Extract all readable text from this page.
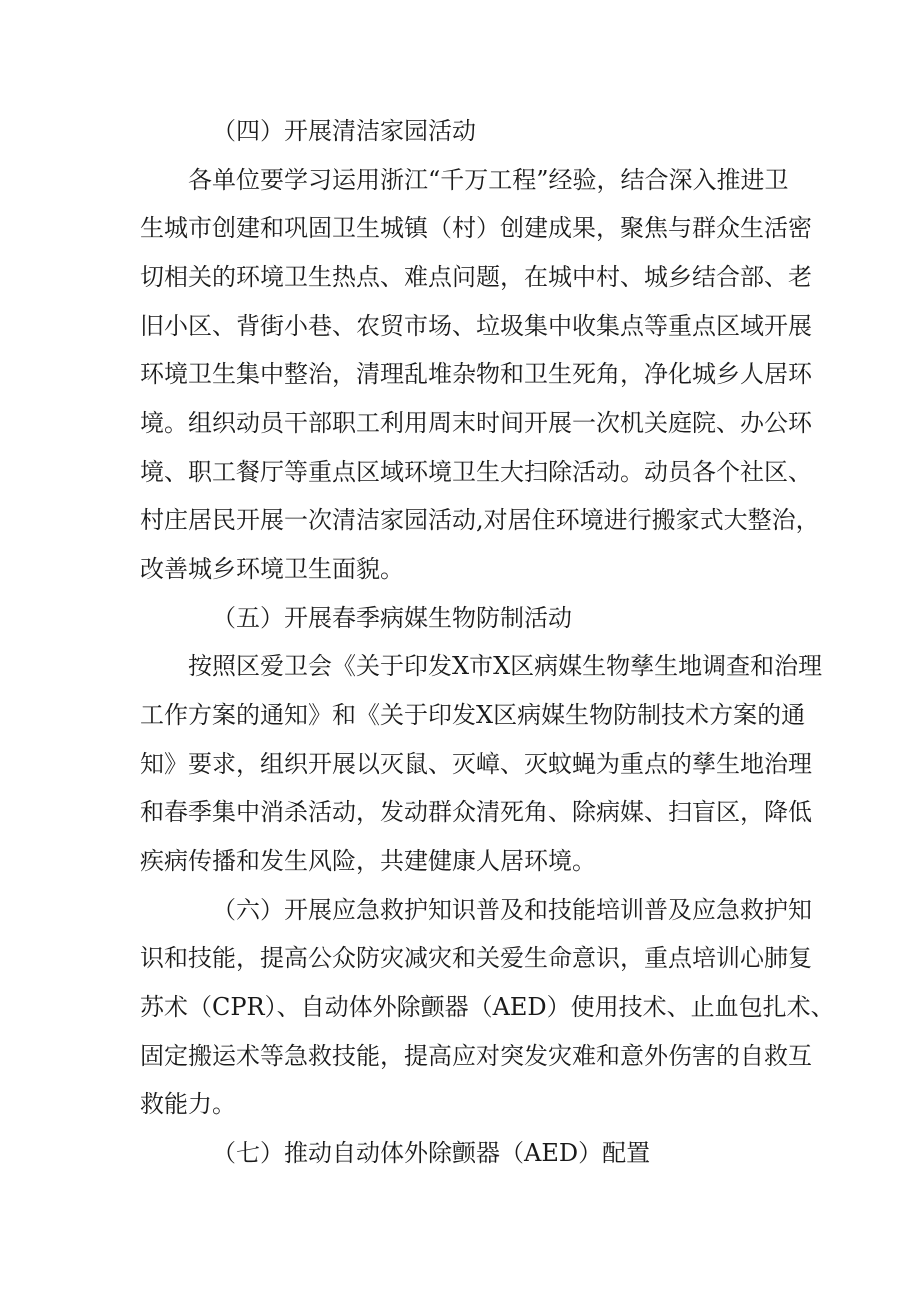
（四）开展清洁家园活动
各单位要学习运用浙江“千万工程”经验，结合深入推进卫
生城市创建和巩固卫生城镇（村）创建成果，聚焦与群众生活密
切相关的环境卫生热点、难点问题，在城中村、城乡结合部、老
旧小区、背街小巷、农贸市场、垃圾集中收集点等重点区域开展
环境卫生集中整治，清理乱堆杂物和卫生死角，净化城乡人居环
境。组织动员干部职工利用周末时间开展一次机关庭院、办公环
境、职工餐厅等重点区域环境卫生大扫除活动。动员各个社区、
村庄居民开展一次清洁家园活动,对居住环境进行搬家式大整治，
改善城乡环境卫生面貌。
（五）开展春季病媒生物防制活动
按照区爱卫会《关于印发X市X区病媒生物孳生地调查和治理
工作方案的通知》和《关于印发X区病媒生物防制技术方案的通
知》要求，组织开展以灭鼠、灭嶂、灭蚊蝇为重点的孳生地治理
和春季集中消杀活动，发动群众清死角、除病媒、扫盲区，降低
疾病传播和发生风险，共建健康人居环境。
（六）开展应急救护知识普及和技能培训普及应急救护知
识和技能，提高公众防灾减灾和关爱生命意识，重点培训心肺复
苏术（CPR）、自动体外除颤器（AED）使用技术、止血包扎术、
固定搬运术等急救技能，提高应对突发灾难和意外伤害的自救互
救能力。
（七）推动自动体外除颤器（AED）配置
